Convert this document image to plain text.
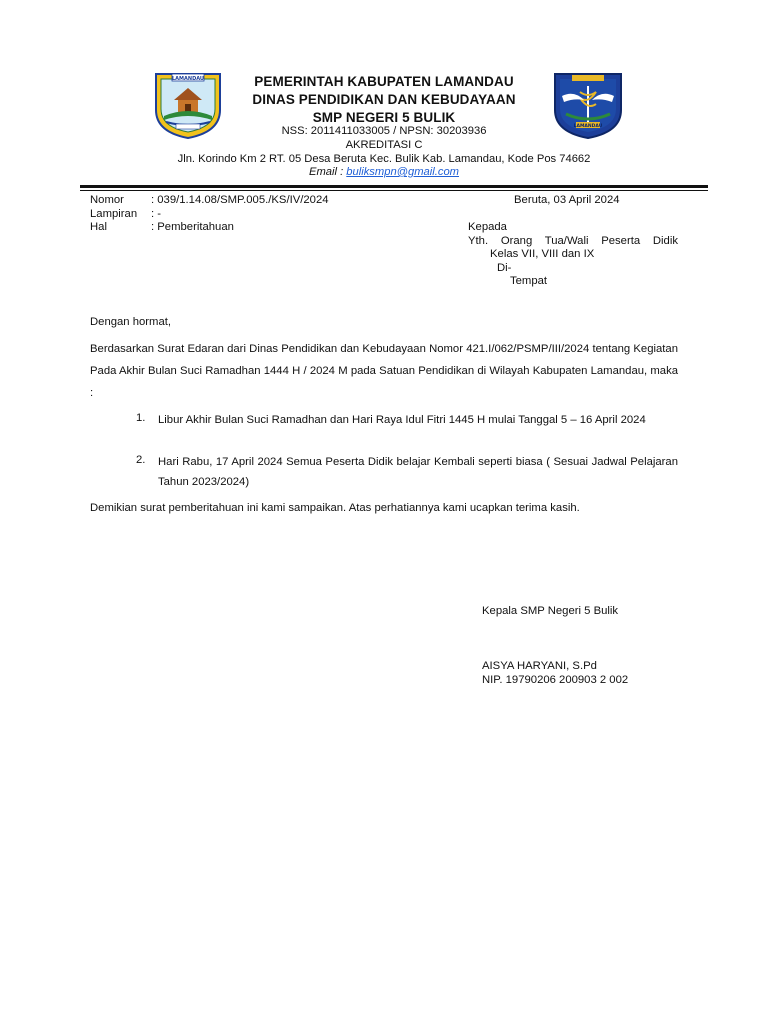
LAMANDAU
LAMANDAU
PEMERINTAH KABUPATEN LAMANDAU
DINAS PENDIDIKAN DAN KEBUDAYAAN
SMP NEGERI 5 BULIK
NSS: 2011411033005 / NPSN: 30203936
AKREDITASI C
Jln. Korindo Km 2 RT. 05 Desa Beruta Kec. Bulik Kab. Lamandau, Kode Pos 74662
Email : buliksmpn@gmail.com
Nomor : 039/1.14.08/SMP.005./KS/IV/2024	Beruta, 03 April 2024
Lampiran : -
Hal	: Pemberitahuan	Kepada
Yth. Orang Tua/Wali Peserta Didik
Kelas VII, VIII dan IX
Di-
Tempat
Dengan hormat,
Berdasarkan Surat Edaran dari Dinas Pendidikan dan Kebudayaan Nomor 421.I/062/PSMP/III/2024 tentang Kegiatan Pada Akhir Bulan Suci Ramadhan 1444 H / 2024 M pada Satuan Pendidikan di Wilayah Kabupaten Lamandau, maka :
1. Libur Akhir Bulan Suci Ramadhan dan Hari Raya Idul Fitri 1445 H mulai Tanggal 5 – 16 April 2024
2. Hari Rabu, 17 April 2024 Semua Peserta Didik belajar Kembali seperti biasa ( Sesuai Jadwal Pelajaran Tahun 2023/2024)
Demikian surat pemberitahuan ini kami sampaikan. Atas perhatiannya kami ucapkan terima kasih.
Kepala SMP Negeri 5 Bulik
AISYA HARYANI, S.Pd
NIP. 19790206 200903 2 002
